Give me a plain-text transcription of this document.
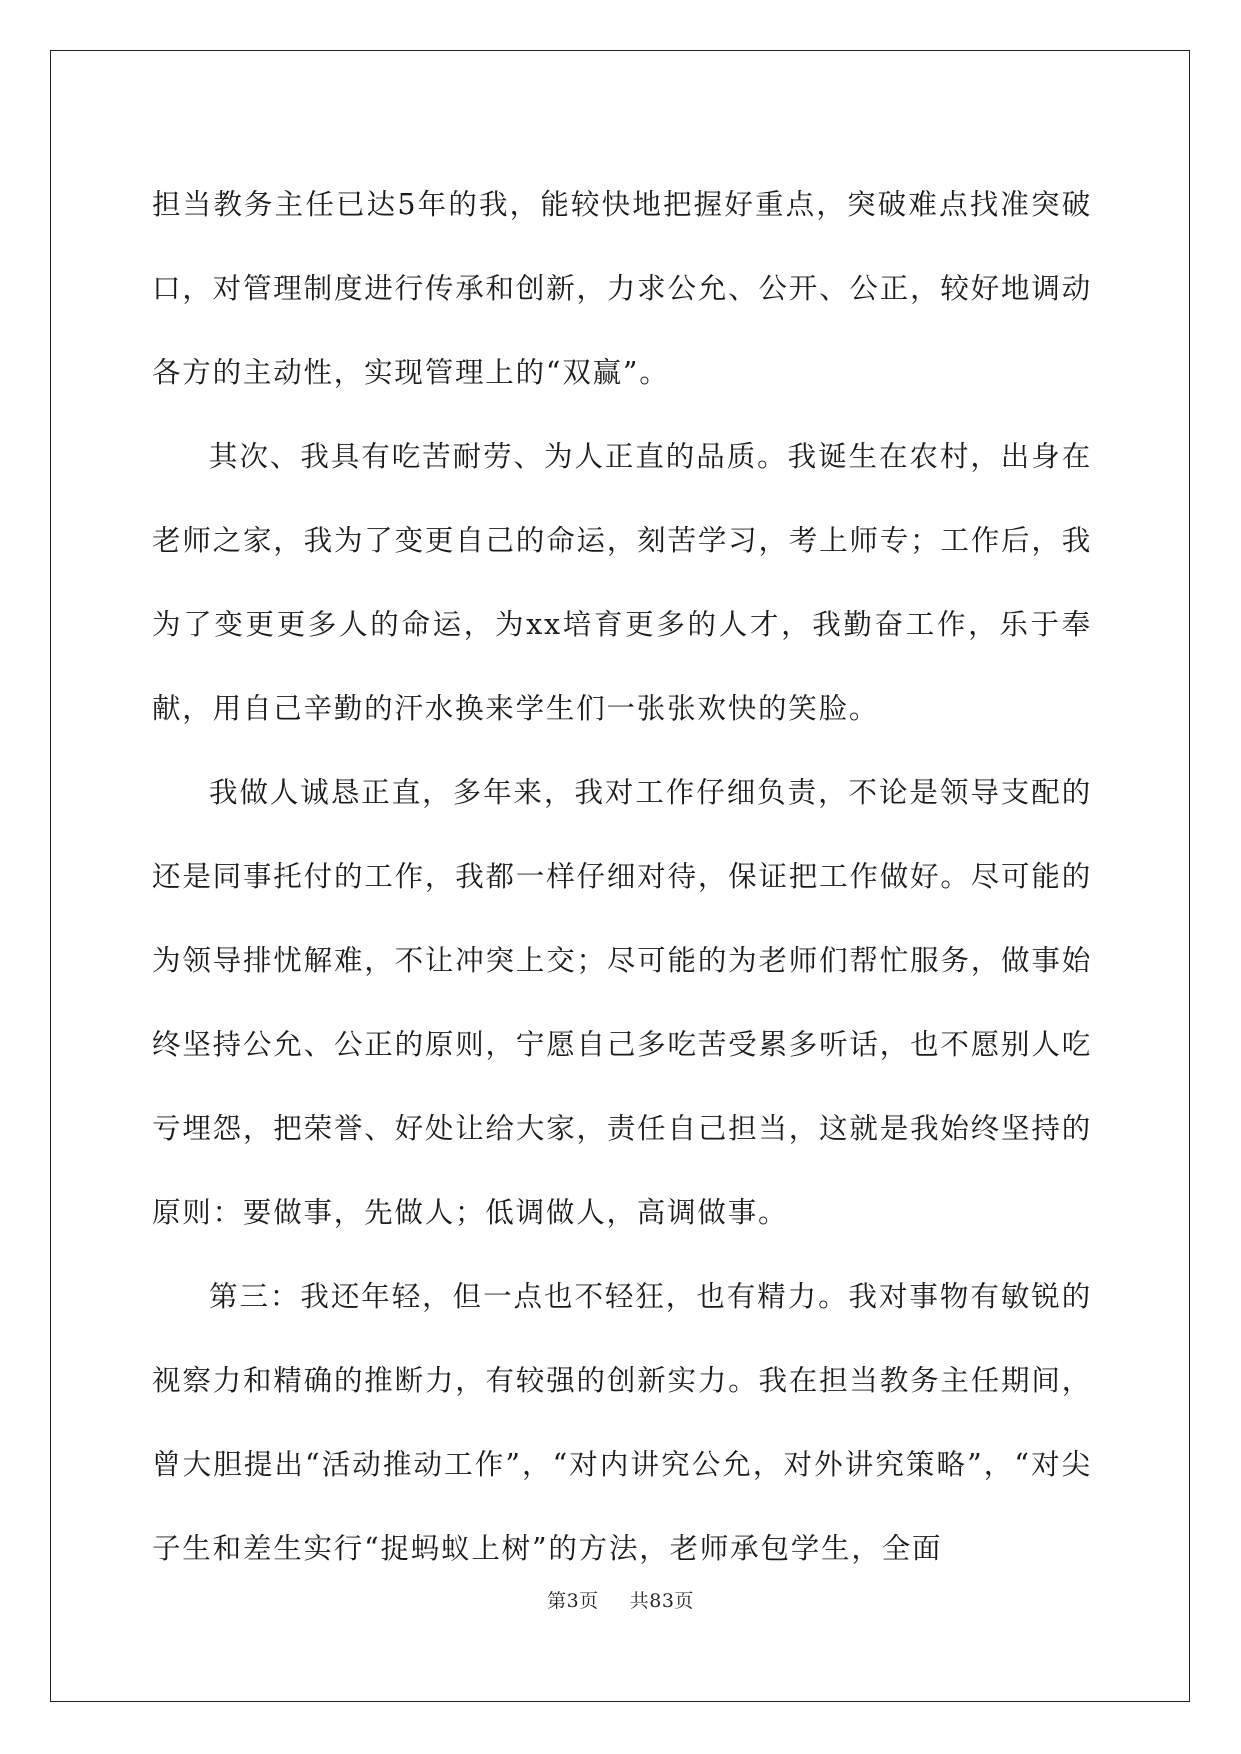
担当教务主任已达5年的我，能较快地把握好重点，突破难点找准突破口，对管理制度进行传承和创新，力求公允、公开、公正，较好地调动各方的主动性，实现管理上的“双赢”。

其次、我具有吃苦耐劳、为人正直的品质。我诞生在农村，出身在老师之家，我为了变更自己的命运，刻苦学习，考上师专；工作后，我为了变更更多人的命运，为xx培育更多的人才，我勤奋工作，乐于奉献，用自己辛勤的汗水换来学生们一张张欢快的笑脸。

我做人诚恳正直，多年来，我对工作仔细负责，不论是领导支配的还是同事托付的工作，我都一样仔细对待，保证把工作做好。尽可能的为领导排忧解难，不让冲突上交；尽可能的为老师们帮忙服务，做事始终坚持公允、公正的原则，宁愿自己多吃苦受累多听话，也不愿别人吃亏埋怨，把荣誉、好处让给大家，责任自己担当，这就是我始终坚持的原则：要做事，先做人；低调做人，高调做事。

第三：我还年轻，但一点也不轻狂，也有精力。我对事物有敏锐的视察力和精确的推断力，有较强的创新实力。我在担当教务主任期间，曾大胆提出“活动推动工作”，“对内讲究公允，对外讲究策略”，“对尖子生和差生实行“捉蚂蚁上树”的方法，老师承包学生，全面

第3页 共83页
